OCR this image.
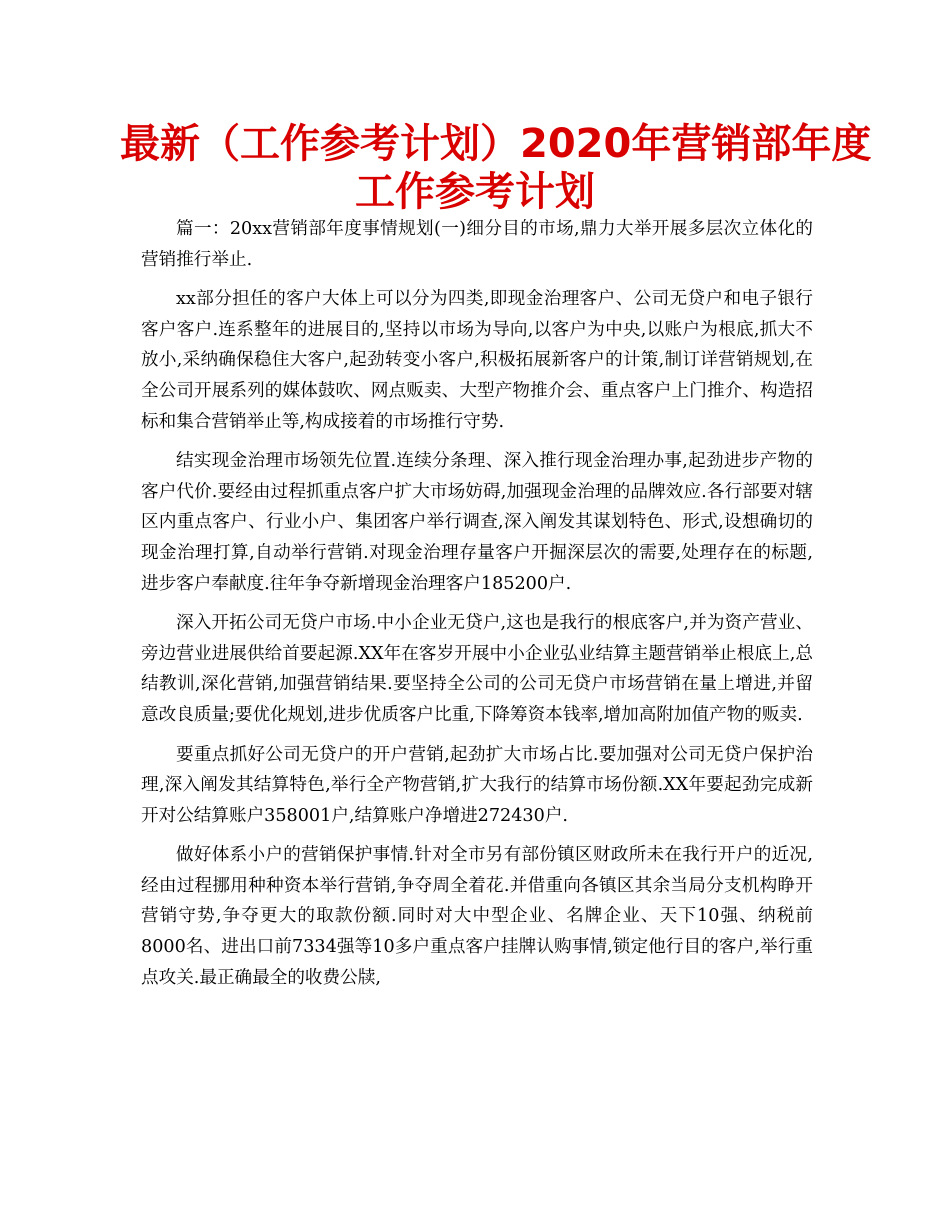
最新（工作参考计划）2020年营销部年度
工作参考计划

篇一：20xx营销部年度事情规划(一)细分目的市场,鼎力大举开展多层次立体化的营销推行举止.

xx部分担任的客户大体上可以分为四类,即现金治理客户、公司无贷户和电子银行客户客户.连系整年的进展目的,坚持以市场为导向,以客户为中央,以账户为根底,抓大不放小,采纳确保稳住大客户,起劲转变小客户,积极拓展新客户的计策,制订详营销规划,在全公司开展系列的媒体鼓吹、网点贩卖、大型产物推介会、重点客户上门推介、构造招标和集合营销举止等,构成接着的市场推行守势.

结实现金治理市场领先位置.连续分条理、深入推行现金治理办事,起劲进步产物的客户代价.要经由过程抓重点客户扩大市场妨碍,加强现金治理的品牌效应.各行部要对辖区内重点客户、行业小户、集团客户举行调查,深入阐发其谋划特色、形式,设想确切的现金治理打算,自动举行营销.对现金治理存量客户开掘深层次的需要,处理存在的标题,进步客户奉献度.往年争夺新增现金治理客户185200户.

深入开拓公司无贷户市场.中小企业无贷户,这也是我行的根底客户,并为资产营业、旁边营业进展供给首要起源.XX年在客岁开展中小企业弘业结算主题营销举止根底上,总结教训,深化营销,加强营销结果.要坚持全公司的公司无贷户市场营销在量上增进,并留意改良质量;要优化规划,进步优质客户比重,下降筹资本钱率,增加高附加值产物的贩卖.

要重点抓好公司无贷户的开户营销,起劲扩大市场占比.要加强对公司无贷户保护治理,深入阐发其结算特色,举行全产物营销,扩大我行的结算市场份额.XX年要起劲完成新开对公结算账户358001户,结算账户净增进272430户.

做好体系小户的营销保护事情.针对全市另有部份镇区财政所未在我行开户的近况,经由过程挪用种种资本举行营销,争夺周全着花.并借重向各镇区其余当局分支机构睁开营销守势,争夺更大的取款份额.同时对大中型企业、名牌企业、天下10强、纳税前8000名、进出口前7334强等10多户重点客户挂牌认购事情,锁定他行目的客户,举行重点攻关.最正确最全的收费公牍,
